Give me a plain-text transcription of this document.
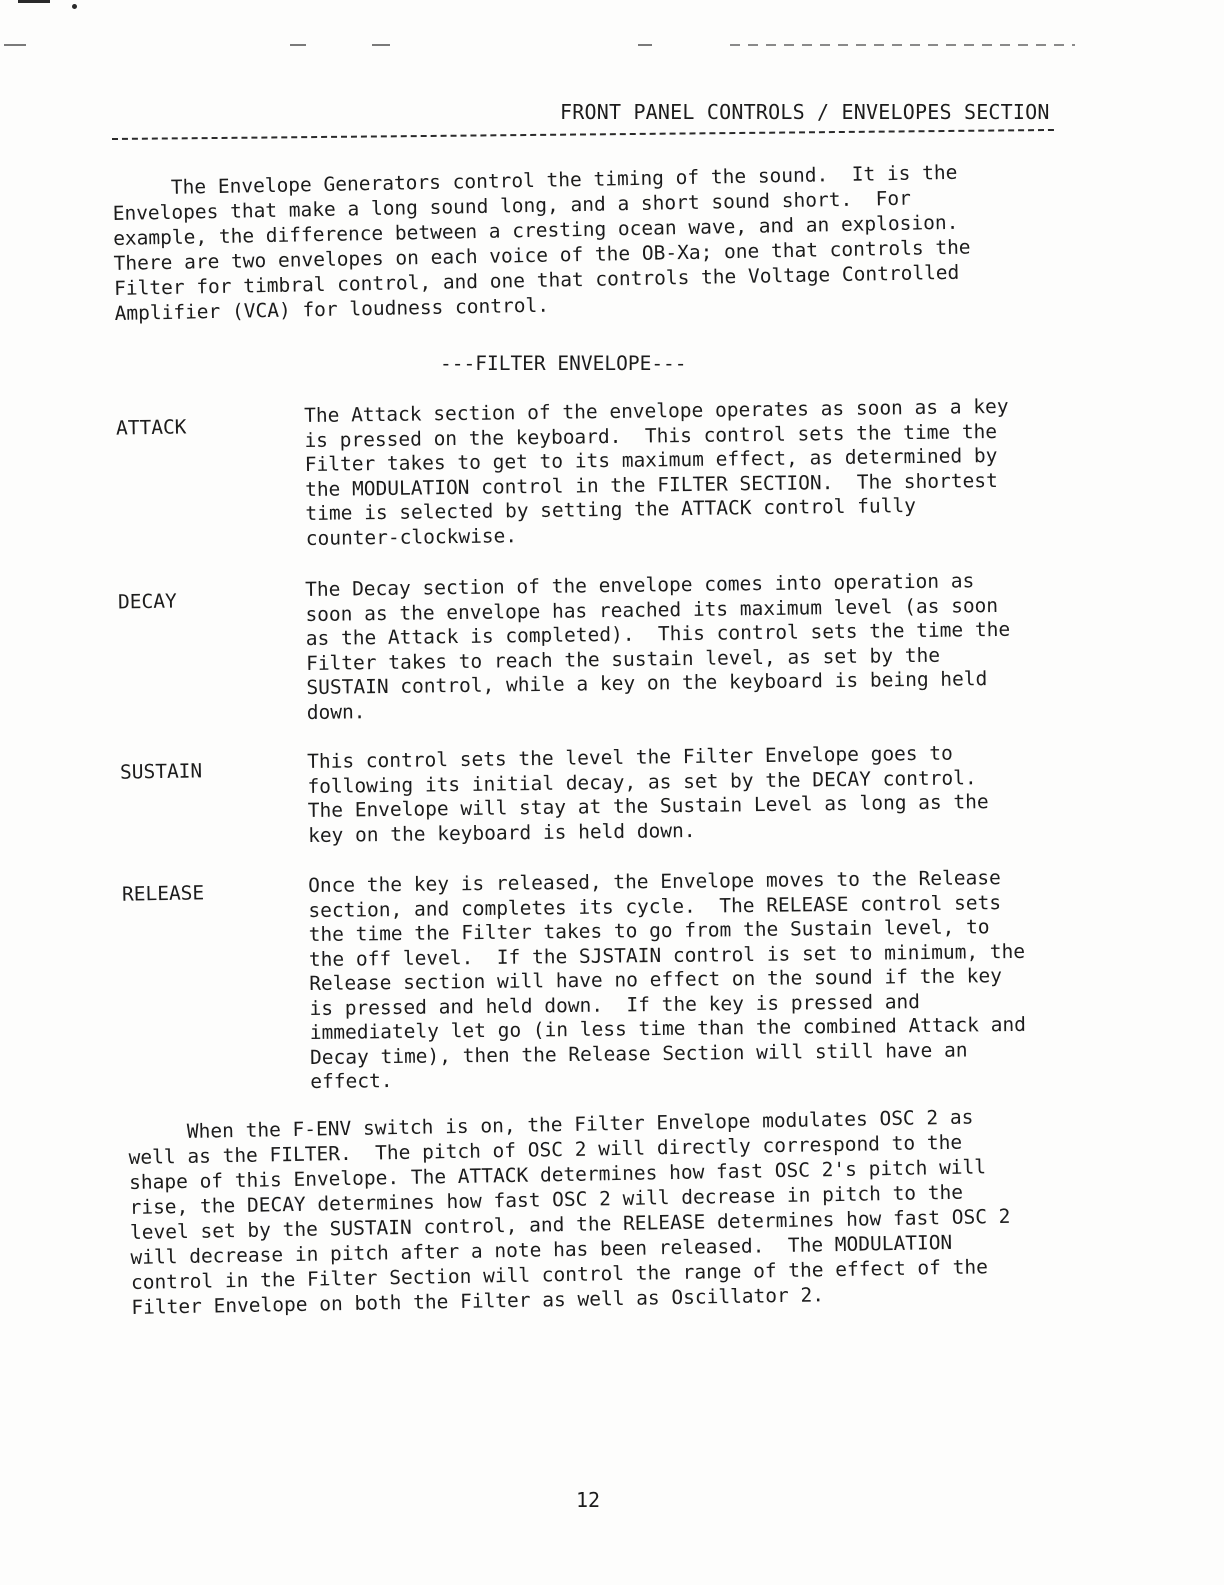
FRONT PANEL CONTROLS / ENVELOPES SECTION
The Envelope Generators control the timing of the sound.  It is the
Envelopes that make a long sound long, and a short sound short.  For
example, the difference between a cresting ocean wave, and an explosion.
There are two envelopes on each voice of the OB-Xa; one that controls the
Filter for timbral control, and one that controls the Voltage Controlled
Amplifier (VCA) for loudness control.
---FILTER ENVELOPE---
ATTACK
The Attack section of the envelope operates as soon as a key
is pressed on the keyboard.  This control sets the time the
Filter takes to get to its maximum effect, as determined by
the MODULATION control in the FILTER SECTION.  The shortest
time is selected by setting the ATTACK control fully
counter-clockwise.
DECAY
The Decay section of the envelope comes into operation as
soon as the envelope has reached its maximum level (as soon
as the Attack is completed).  This control sets the time the
Filter takes to reach the sustain level, as set by the
SUSTAIN control, while a key on the keyboard is being held
down.
SUSTAIN	This control sets the level the Filter Envelope goes to
following its initial decay, as set by the DECAY control.
The Envelope will stay at the Sustain Level as long as the
key on the keyboard is held down.
RELEASE	Once the key is released, the Envelope moves to the Release
section, and completes its cycle.  The RELEASE control sets
the time the Filter takes to go from the Sustain level, to
the off level.  If the SJSTAIN control is set to minimum, the
Release section will have no effect on the sound if the key
is pressed and held down.  If the key is pressed and
immediately let go (in less time than the combined Attack and
Decay time), then the Release Section will still have an
effect.
When the F-ENV switch is on, the Filter Envelope modulates OSC 2 as
well as the FILTER.  The pitch of OSC 2 will directly correspond to the
shape of this Envelope. The ATTACK determines how fast OSC 2's pitch will
rise, the DECAY determines how fast OSC 2 will decrease in pitch to the
level set by the SUSTAIN control, and the RELEASE determines how fast OSC 2
will decrease in pitch after a note has been released.  The MODULATION
control in the Filter Section will control the range of the effect of the
Filter Envelope on both the Filter as well as Oscillator 2.
12
